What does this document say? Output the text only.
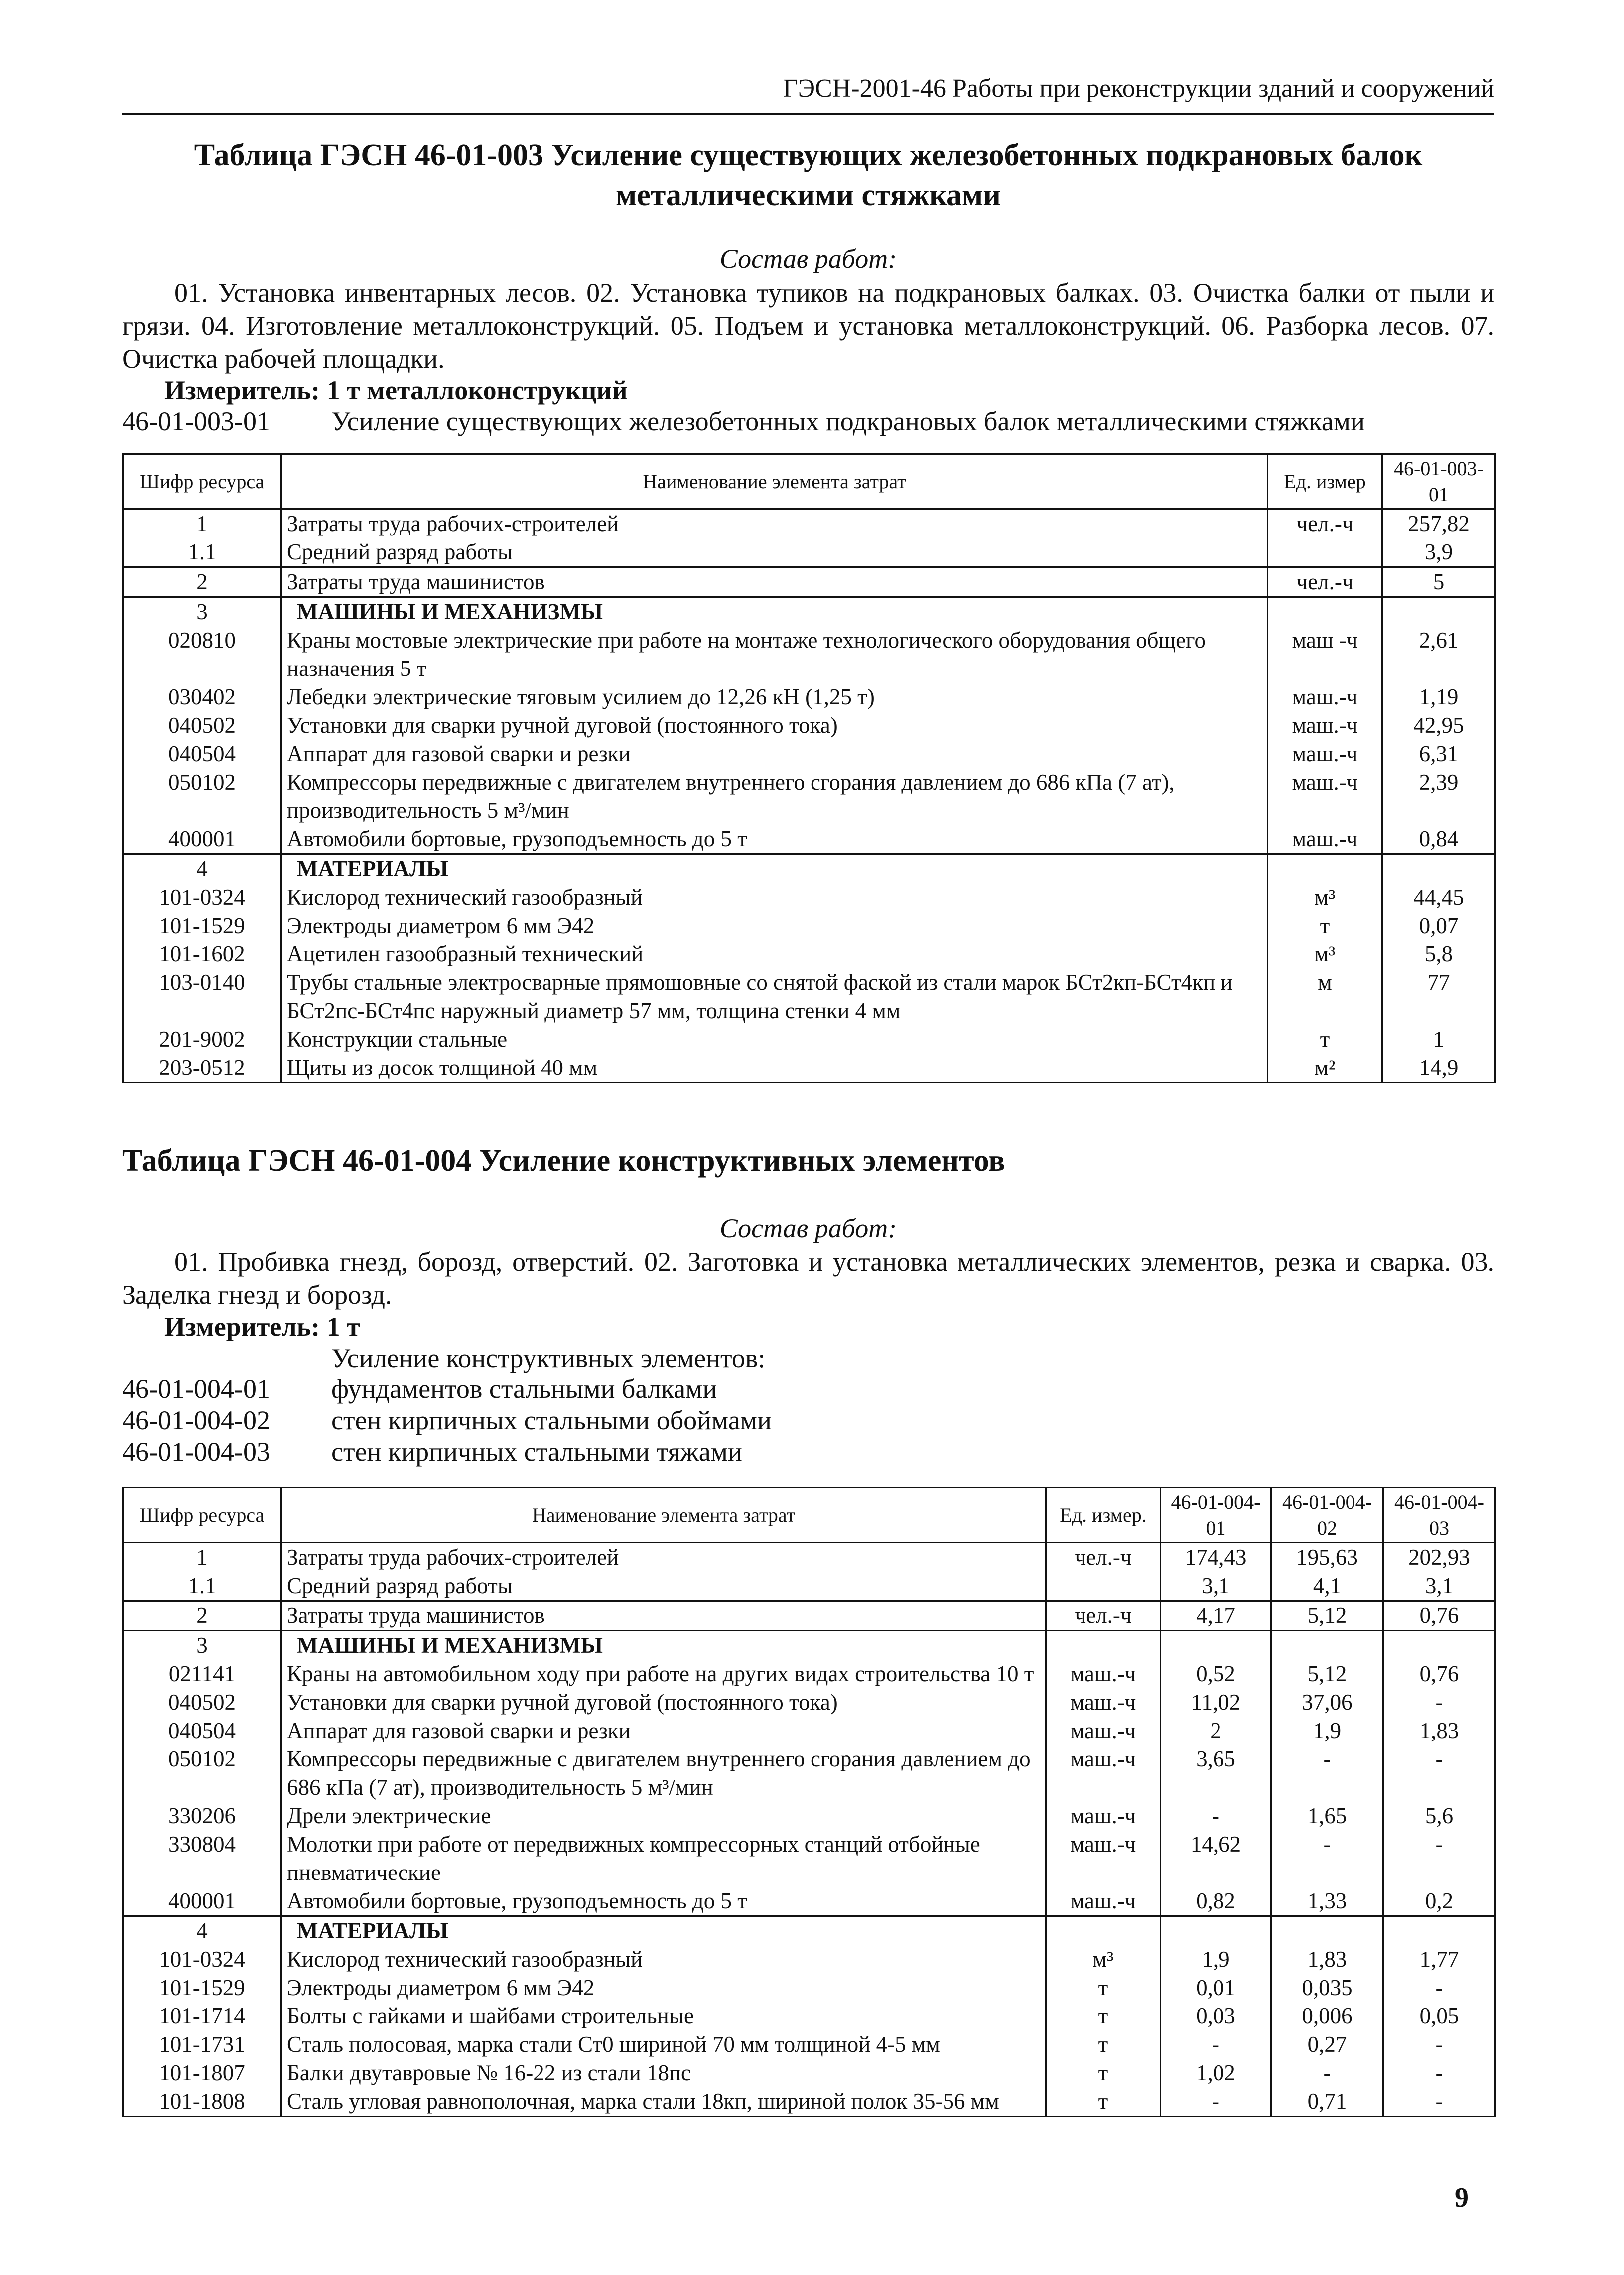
ГЭСН-2001-46 Работы при реконструкции зданий и сооружений
Таблица ГЭСН 46-01-003 Усиление существующих железобетонных подкрановых балок
металлическими стяжками
Состав работ:
01. Установка инвентарных лесов. 02. Установка тупиков на подкрановых балках. 03. Очистка балки от пыли и грязи. 04. Изготовление металлоконструкций. 05. Подъем и установка металлоконструкций. 06. Разборка лесов. 07. Очистка рабочей площадки.
Измеритель: 1 т металлоконструкций
46-01-003-01 Усиление существующих железобетонных подкрановых балок металлическими стяжками
Шифр ресурса	Наименование элемента затрат	Ед. измер	46-01-003-01
1	Затраты труда рабочих-строителей	чел.-ч	257,82
1.1	Средний разряд работы		3,9
2	Затраты труда машинистов	чел.-ч	5
3	МАШИНЫ И МЕХАНИЗМЫ		
020810	Краны мостовые электрические при работе на монтаже технологического оборудования общего назначения 5 т	маш -ч	2,61
030402	Лебедки электрические тяговым усилием до 12,26 кН (1,25 т)	маш.-ч	1,19
040502	Установки для сварки ручной дуговой (постоянного тока)	маш.-ч	42,95
040504	Аппарат для газовой сварки и резки	маш.-ч	6,31
050102	Компрессоры передвижные с двигателем внутреннего сгорания давлением до 686 кПа (7 ат), производительность 5 м³/мин	маш.-ч	2,39
400001	Автомобили бортовые, грузоподъемность до 5 т	маш.-ч	0,84
4	МАТЕРИАЛЫ		
101-0324	Кислород технический газообразный	м³	44,45
101-1529	Электроды диаметром 6 мм Э42	т	0,07
101-1602	Ацетилен газообразный технический	м³	5,8
103-0140	Трубы стальные электросварные прямошовные со снятой фаской из стали марок БСт2кп-БСт4кп и БСт2пс-БСт4пс наружный диаметр 57 мм, толщина стенки 4 мм	м	77
201-9002	Конструкции стальные	т	1
203-0512	Щиты из досок толщиной 40 мм	м²	14,9
Таблица ГЭСН 46-01-004 Усиление конструктивных элементов
Состав работ:
01. Пробивка гнезд, борозд, отверстий. 02. Заготовка и установка металлических элементов, резка и сварка. 03. Заделка гнезд и борозд.
Измеритель: 1 т
Усиление конструктивных элементов:
46-01-004-01 фундаментов стальными балками
46-01-004-02 стен кирпичных стальными обоймами
46-01-004-03 стен кирпичных стальными тяжами
Шифр ресурса	Наименование элемента затрат	Ед. измер.	46-01-004-01	46-01-004-02	46-01-004-03
1	Затраты труда рабочих-строителей	чел.-ч	174,43	195,63	202,93
1.1	Средний разряд работы		3,1	4,1	3,1
2	Затраты труда машинистов	чел.-ч	4,17	5,12	0,76
3	МАШИНЫ И МЕХАНИЗМЫ				
021141	Краны на автомобильном ходу при работе на других видах строительства 10 т	маш.-ч	0,52	5,12	0,76
040502	Установки для сварки ручной дуговой (постоянного тока)	маш.-ч	11,02	37,06	-
040504	Аппарат для газовой сварки и резки	маш.-ч	2	1,9	1,83
050102	Компрессоры передвижные с двигателем внутреннего сгорания давлением до 686 кПа (7 ат), производительность 5 м³/мин	маш.-ч	3,65	-	-
330206	Дрели электрические	маш.-ч	-	1,65	5,6
330804	Молотки при работе от передвижных компрессорных станций отбойные пневматические	маш.-ч	14,62	-	-
400001	Автомобили бортовые, грузоподъемность до 5 т	маш.-ч	0,82	1,33	0,2
4	МАТЕРИАЛЫ				
101-0324	Кислород технический газообразный	м³	1,9	1,83	1,77
101-1529	Электроды диаметром 6 мм Э42	т	0,01	0,035	-
101-1714	Болты с гайками и шайбами строительные	т	0,03	0,006	0,05
101-1731	Сталь полосовая, марка стали Ст0 шириной 70 мм толщиной 4-5 мм	т	-	0,27	-
101-1807	Балки двутавровые № 16-22 из стали 18пс	т	1,02	-	-
101-1808	Сталь угловая равнополочная, марка стали 18кп, шириной полок 35-56 мм	т	-	0,71	-
9
